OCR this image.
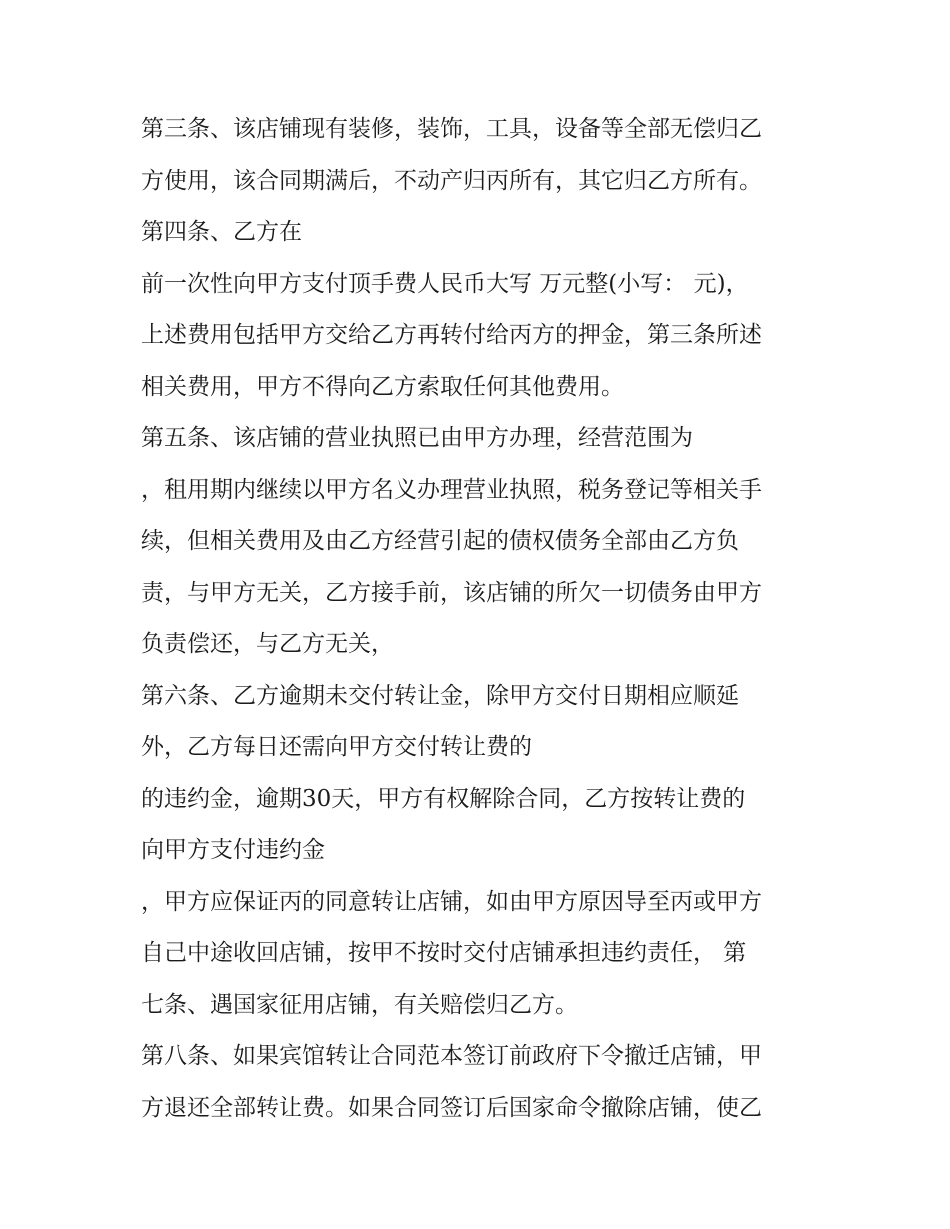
第三条、该店铺现有装修，装饰，工具，设备等全部无偿归乙
方使用，该合同期满后，不动产归丙所有，其它归乙方所有。
第四条、乙方在
前一次性向甲方支付顶手费人民币大写 万元整(小写： 元)，
上述费用包括甲方交给乙方再转付给丙方的押金，第三条所述
相关费用，甲方不得向乙方索取任何其他费用。
第五条、该店铺的营业执照已由甲方办理，经营范围为
，租用期内继续以甲方名义办理营业执照，税务登记等相关手
续，但相关费用及由乙方经营引起的债权债务全部由乙方负
责，与甲方无关，乙方接手前，该店铺的所欠一切债务由甲方
负责偿还，与乙方无关，
第六条、乙方逾期未交付转让金，除甲方交付日期相应顺延
外，乙方每日还需向甲方交付转让费的
的违约金，逾期30天，甲方有权解除合同，乙方按转让费的
向甲方支付违约金
，甲方应保证丙的同意转让店铺，如由甲方原因导至丙或甲方
自己中途收回店铺，按甲不按时交付店铺承担违约责任， 第
七条、遇国家征用店铺，有关赔偿归乙方。
第八条、如果宾馆转让合同范本签订前政府下令撤迁店铺，甲
方退还全部转让费。如果合同签订后国家命令撤除店铺，使乙
